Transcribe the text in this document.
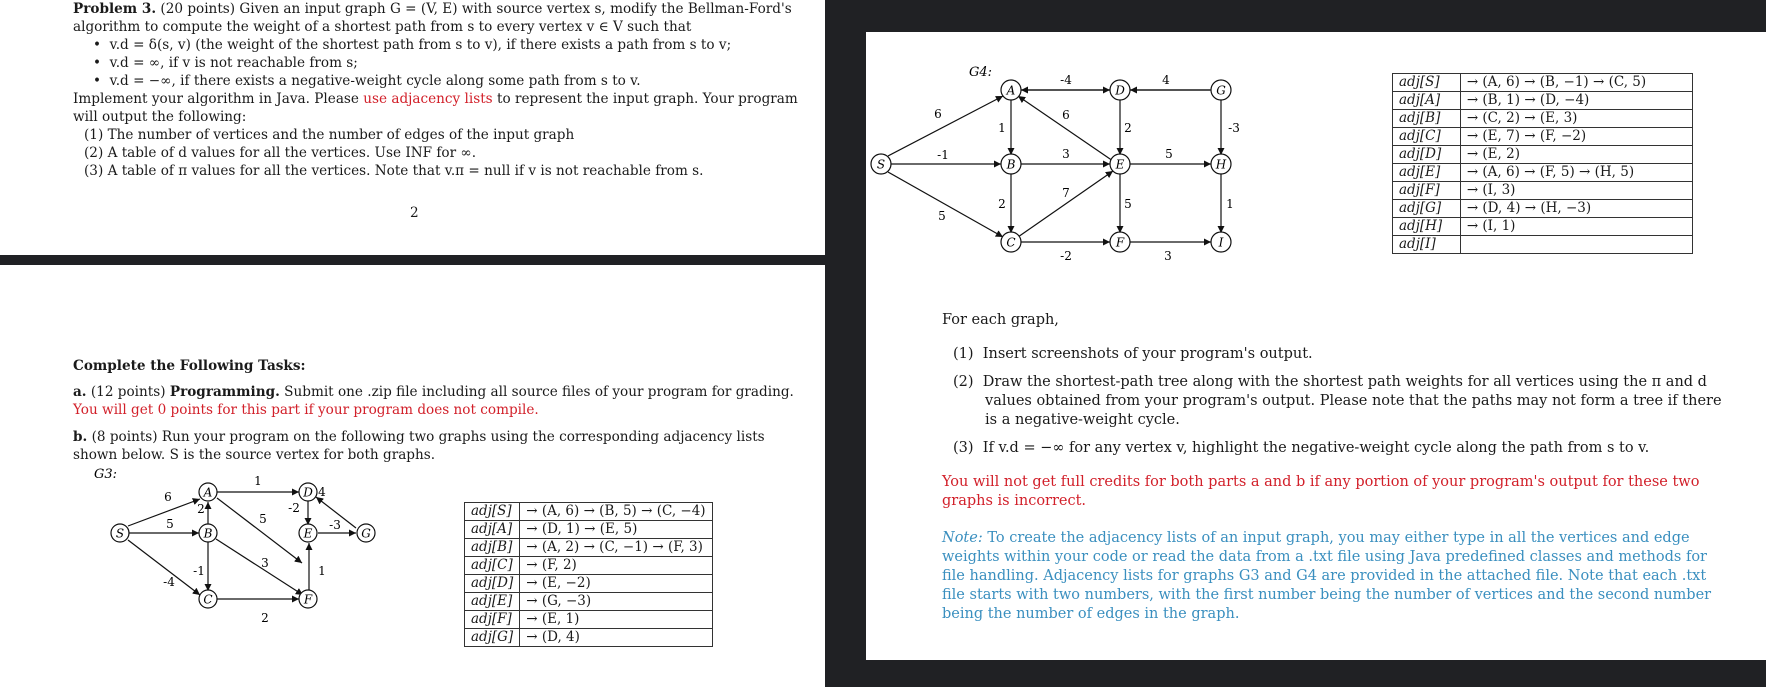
Problem 3. (20 points) Given an input graph G = (V, E) with source vertex s, modify the Bellman-Ford's
algorithm to compute the weight of a shortest path from s to every vertex v ∈ V such that
•  v.d = δ(s, v) (the weight of the shortest path from s to v), if there exists a path from s to v;
•  v.d = ∞, if v is not reachable from s;
•  v.d = −∞, if there exists a negative-weight cycle along some path from s to v.
Implement your algorithm in Java. Please use adjacency lists to represent the input graph. Your program
will output the following:
(1) The number of vertices and the number of edges of the input graph
(2) A table of d values for all the vertices. Use INF for ∞.
(3) A table of π values for all the vertices. Note that v.π = null if v is not reachable from s.
2
Complete the Following Tasks:
a. (12 points) Programming. Submit one .zip file including all source files of your program for grading.
You will get 0 points for this part if your program does not compile.
b. (8 points) Run your program on the following two graphs using the corresponding adjacency lists
shown below. S is the source vertex for both graphs.
G3:	1
6
2
5
-2
4
5	-3
3
-1	1
-4
2
A	D
S	B	E	G
C	F
adj[S]	→ (A, 6) → (B, 5) → (C, −4)
adj[A]	→ (D, 1) → (E, 5)
adj[B]	→ (A, 2) → (C, −1) → (F, 3)
adj[C]	→ (F, 2)
adj[D]	→ (E, −2)
adj[E]	→ (G, −3)
adj[F]	→ (E, 1)
adj[G]	→ (D, 4)
G4:	-4	4
6	6
1	2	-3
-1	3	5
7
2	5	1
5
-2	3
A	D	G
S	B	E	H
C	F	I
adj[S]	→ (A, 6) → (B, −1) → (C, 5)
adj[A]	→ (B, 1) → (D, −4)
adj[B]	→ (C, 2) → (E, 3)
adj[C]	→ (E, 7) → (F, −2)
adj[D]	→ (E, 2)
adj[E]	→ (A, 6) → (F, 5) → (H, 5)
adj[F]	→ (I, 3)
adj[G]	→ (D, 4) → (H, −3)
adj[H]	→ (I, 1)
adj[I]	
For each graph,
(1) Insert screenshots of your program's output.
(2) Draw the shortest-path tree along with the shortest path weights for all vertices using the π and d
values obtained from your program's output. Please note that the paths may not form a tree if there
is a negative-weight cycle.
(3) If v.d = −∞ for any vertex v, highlight the negative-weight cycle along the path from s to v.
You will not get full credits for both parts a and b if any portion of your program's output for these two
graphs is incorrect.
Note: To create the adjacency lists of an input graph, you may either type in all the vertices and edge
weights within your code or read the data from a .txt file using Java predefined classes and methods for
file handling. Adjacency lists for graphs G3 and G4 are provided in the attached file. Note that each .txt
file starts with two numbers, with the first number being the number of vertices and the second number
being the number of edges in the graph.
